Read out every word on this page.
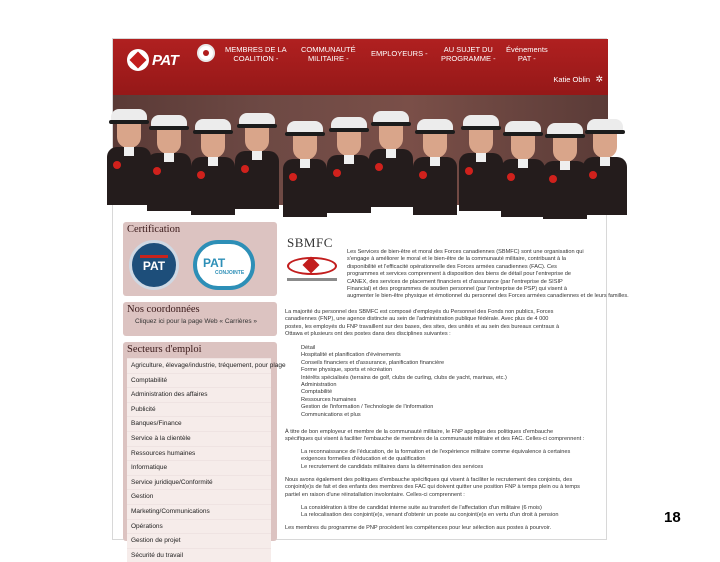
PAT
MEMBRES DE LA
COALITION -
COMMUNAUTÉ
MILITAIRE -
EMPLOYEURS -	AU SUJET DU
PROGRAMME -
Événements
PAT -
Katie Oblin ✲
Certification
PAT	PAT
CONJOINTE
Nos coordonnées
Cliquez ici pour la page Web « Carrières »
Secteurs d'emploi
Agriculture, élevage/industrie, tréquement, pour plage
Comptabilité
Administration des affaires
Publicité
Banques/Finance
Service à la clientèle
Ressources humaines
Informatique
Service juridique/Conformité
Gestion
Marketing/Communications
Opérations
Gestion de projet
Sécurité du travail
SBMFC
Les Services de bien-être et moral des Forces canadiennes (SBMFC) sont une organisation qui
s'engage à améliorer le moral et le bien-être de la communauté militaire, contribuant à la
disponibilité et l'efficacité opérationnelle des Forces armées canadiennes (FAC). Ces
programmes et services comprennent à disposition des biens de détail pour l'entreprise de
CANEX, des services de placement financiers et d'assurance (par l'entreprise de SISIP
Financial) et des programmes de soutien personnel (par l'entreprise de PSP) qui visent à
augmenter le bien-être physique et émotionnel du personnel des Forces armées canadiennes et de leurs familles.
La majorité du personnel des SBMFC est composé d'employés du Personnel des Fonds non publics, Forces
canadiennes (FNP), une agence distincte au sein de l'administration publique fédérale. Avec plus de 4 000
postes, les employés du FNP travaillent sur des bases, des sites, des unités et au sein des bureaux centraux à
Ottawa et plusieurs ont des postes dans des disciplines suivantes :
Détail
Hospitalité et planification d'événements
Conseils financiers et d'assurance, planification financière
Forme physique, sports et récréation
Intérêts spécialisés (terrains de golf, clubs de curling, clubs de yacht, marinas, etc.)
Administration
Comptabilité
Ressources humaines
Gestion de l'information / Technologie de l'information
Communications et plus
À titre de bon employeur et membre de la communauté militaire, le FNP applique des politiques d'embauche
spécifiques qui visent à faciliter l'embauche de membres de la communauté militaire et des FAC. Celles-ci comprennent :
La reconnaissance de l'éducation, de la formation et de l'expérience militaire comme équivalence à certaines
exigences formelles d'éducation et de qualification
Le recrutement de candidats militaires dans la détermination des services
Nous avons également des politiques d'embauche spécifiques qui visent à faciliter le recrutement des conjoints, des
conjoint(e)s de fait et des enfants des membres des FAC qui doivent quitter une position FNP à temps plein ou à temps
partiel en raison d'une réinstallation involontaire. Celles-ci comprennent :
La considération à titre de candidat interne suite au transfert de l'affectation d'un militaire (6 mois)
La relocalisation des conjoint(e)s, venant d'obtenir un poste au conjoint(e)s en vertu d'un droit à pension
Les membres du programme de PNP procèdent les compétences pour leur sélection aux postes à pourvoir.
18
